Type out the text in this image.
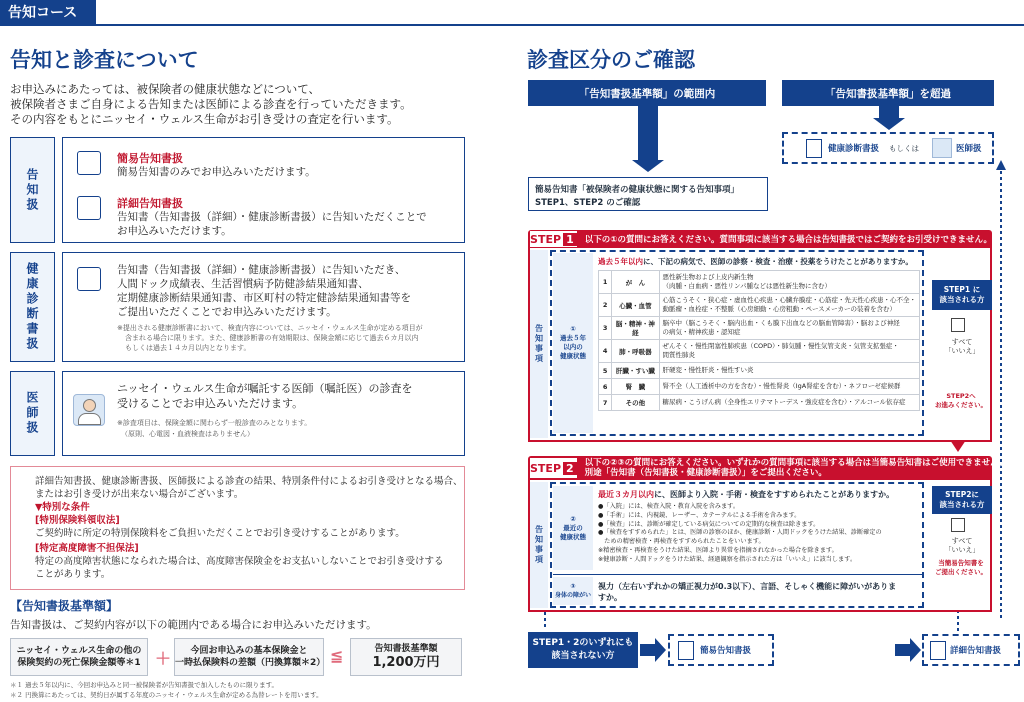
告知コース
告知と診査について
お申込みにあたっては、被保険者の健康状態などについて、
被保険者さまご自身による告知または医師による診査を行っていただきます。
その内容をもとにニッセイ・ウェルス生命がお引き受けの査定を行います。
告知扱
簡易告知書扱
簡易告知書のみでお申込みいただけます。
詳細告知書扱
告知書（告知書扱（詳細）・健康診断書扱）に告知いただくことで
お申込みいただけます。
健康診断書扱	告知書（告知書扱（詳細）・健康診断書扱）に告知いただき、
人間ドック成績表、生活習慣病予防健診結果通知書、
定期健康診断結果通知書、市区町村の特定健診結果通知書等を
ご提出いただくことでお申込みいただけます。
※提出される健康診断書において、検査内容については、ニッセイ・ウェルス生命が定める項目が
含まれる場合に限ります。また、健康診断書の有効期限は、保険金額に応じて過去６カ月以内
もしくは過去１４カ月以内となります。
医師扱
ニッセイ・ウェルス生命が嘱託する医師（嘱託医）の診査を
受けることでお申込みいただけます。
※診査項目は、保険金額に関わらず一般診査のみとなります。
（原則、心電図・血液検査はありません）
詳細告知書扱、健康診断書扱、医師扱による診査の結果、特別条件付によるお引き受けとなる場合、
またはお引き受けが出来ない場合がございます。
▼特別な条件
[特別保険料領収法]
ご契約時に所定の特別保険料をご負担いただくことでお引き受けすることがあります。
[特定高度障害不担保法]
特定の高度障害状態になられた場合は、高度障害保険金をお支払いしないことでお引き受けする
ことがあります。
【告知書扱基準額】
告知書扱は、ご契約内容が以下の範囲内である場合にお申込みいただけます。
ニッセイ・ウェルス生命の他の
保険契約の死亡保険金額等＊1 ＋ 今回お申込みの基本保険金と
一時払保険料の差額（円換算額＊2） ≦	告知書扱基準額
1,200万円
＊１ 過去５年以内に、今回お申込みと同一被保険者が告知書扱で加入したものに限ります。
＊２ 円換算にあたっては、契約日が属する年度のニッセイ・ウェルス生命が定める為替レートを用います。
診査区分のご確認
「告知書扱基準額」の範囲内	「告知書扱基準額」を超過
健康診断書扱 もしくは	医師扱
簡易告知書「被保険者の健康状態に関する告知事項」
STEP1、STEP2 のご確認
STEP 1	以下の①の質問にお答えください。質問事項に該当する場合は告知書扱ではご契約をお引受けできません。
告知事項	①
過去５年
以内の
健康状態
過去５年以内に、下記の病気で、医師の診察・検査・治療・投薬をうけたことがありますか。
1	が　ん	悪性新生物および上皮内新生物
（肉腫・白血病・悪性リンパ腫などは悪性新生物に含む）

2	心臓・血管	心筋こうそく・狭心症・虚血性心疾患・心臓弁膜症・心筋症・先天性心疾患・心不全・
動脈瘤・血栓症・不整脈（心房細動・心房粗動・ペースメーカーの装着を含む）

3	脳・精神・神経	脳卒中（脳こうそく・脳内出血・くも膜下出血などの脳血管障害）・脳および神経
の病気・精神疾患・認知症

4	肺・呼吸器	ぜんそく・慢性閉塞性肺疾患（COPD）・肺気腫・慢性気管支炎・気管支拡張症・
間質性肺炎

5	肝臓・すい臓	肝硬変・慢性肝炎・慢性すい炎

6	腎　臓	腎不全（人工透析中の方を含む）・慢性腎炎（IgA腎症を含む）・ネフローゼ症候群

7	その他	糖尿病・こうげん病（全身性エリテマトーデス・強皮症を含む）・アルコール依存症
STEP1 に
該当される方
すべて
「いいえ」
STEP2へ
お進みください。
STEP 2	以下の②③の質問にお答えください。いずれかの質問事項に該当する場合は当簡易告知書はご使用できません。
別途「告知書（告知書扱・健康診断書扱）」をご提出ください。
告知事項
②
最近の
健康状態
最近３カ月以内に、医師より入院・手術・検査をすすめられたことがありますか。
●「入院」には、検査入院・教育入院を含みます。
●「手術」には、内視鏡、レーザー、カテーテルによる手術を含みます。
●「検査」には、診断が確定している病気についての定期的な検査は除きます。
●「検査をすすめられた」とは、医師の診察のほか、健康診断・人間ドックをうけた結果、診断確定の
　ための精密検査・再検査をすすめられたことをいいます。
※精密検査・再検査をうけた結果、医師より異常を指摘されなかった場合を除きます。
※健康診断・人間ドックをうけた結果、経過観察を指示された方は「いいえ」に該当します。
③
身体の障がい
視力（左右いずれかの矯正視力が0.3以下）、言語、そしゃく機能に障がいがありま
すか。
STEP2に
該当される方
すべて
「いいえ」
当簡易告知書を
ご提出ください。
STEP1・2のいずれにも
該当されない方	簡易告知書扱	詳細告知書扱
